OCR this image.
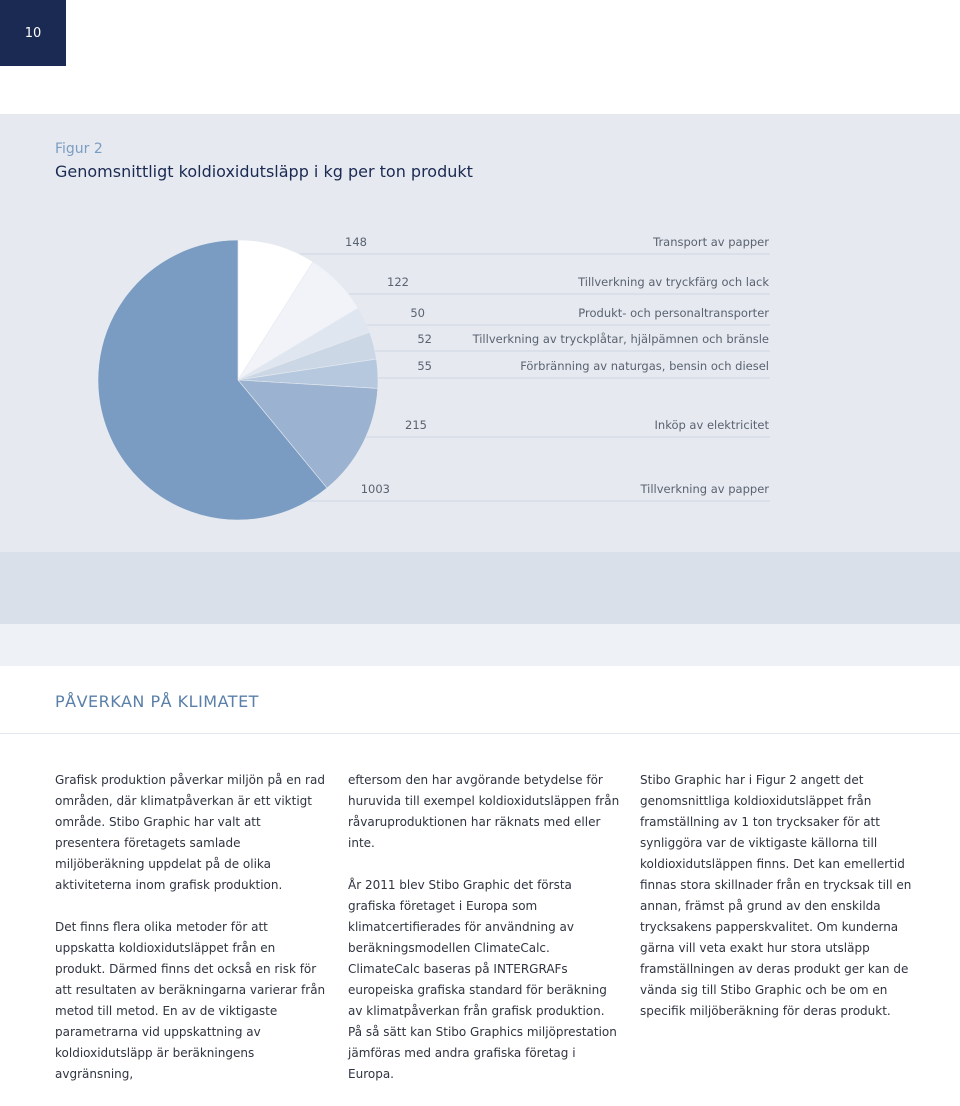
10
Figur 2
Genomsnittligt koldioxidutsläpp i kg per ton produkt
148	Transport av papper
122	Tillverkning av tryckfärg och lack
50	Produkt- och personaltransporter
52	Tillverkning av tryckplåtar, hjälpämnen och bränsle
55	Förbränning av naturgas, bensin och diesel
215	Inköp av elektricitet
1003	Tillverkning av papper
PÅVERKAN PÅ KLIMATET

Grafisk produktion påverkar miljön på en rad områden, där klimatpåverkan är ett viktigt område. Stibo Graphic har valt att presentera företagets samlade miljöberäkning uppdelat på de olika aktiviteterna inom grafisk produktion.

Det finns flera olika metoder för att uppskatta koldioxidutsläppet från en produkt. Därmed finns det också en risk för att resultaten av beräkningarna varierar från metod till metod. En av de viktigaste parametrarna vid uppskattning av koldioxidutsläpp är beräkningens avgränsning,

eftersom den har avgörande betydelse för huruvida till exempel koldioxidutsläppen från råvaruproduktionen har räknats med eller inte.

År 2011 blev Stibo Graphic det första grafiska företaget i Europa som klimatcertifierades för användning av beräkningsmodellen ClimateCalc. ClimateCalc baseras på INTERGRAFs europeiska grafiska standard för beräkning av klimatpåverkan från grafisk produktion. På så sätt kan Stibo Graphics miljöprestation jämföras med andra grafiska företag i Europa.

Stibo Graphic har i Figur 2 angett det genomsnittliga koldioxidutsläppet från framställning av 1 ton trycksaker för att synliggöra var de viktigaste källorna till koldioxidutsläppen finns. Det kan emellertid finnas stora skillnader från en trycksak till en annan, främst på grund av den enskilda trycksakens papperskvalitet. Om kunderna gärna vill veta exakt hur stora utsläpp framställningen av deras produkt ger kan de vända sig till Stibo Graphic och be om en specifik miljöberäkning för deras produkt.
